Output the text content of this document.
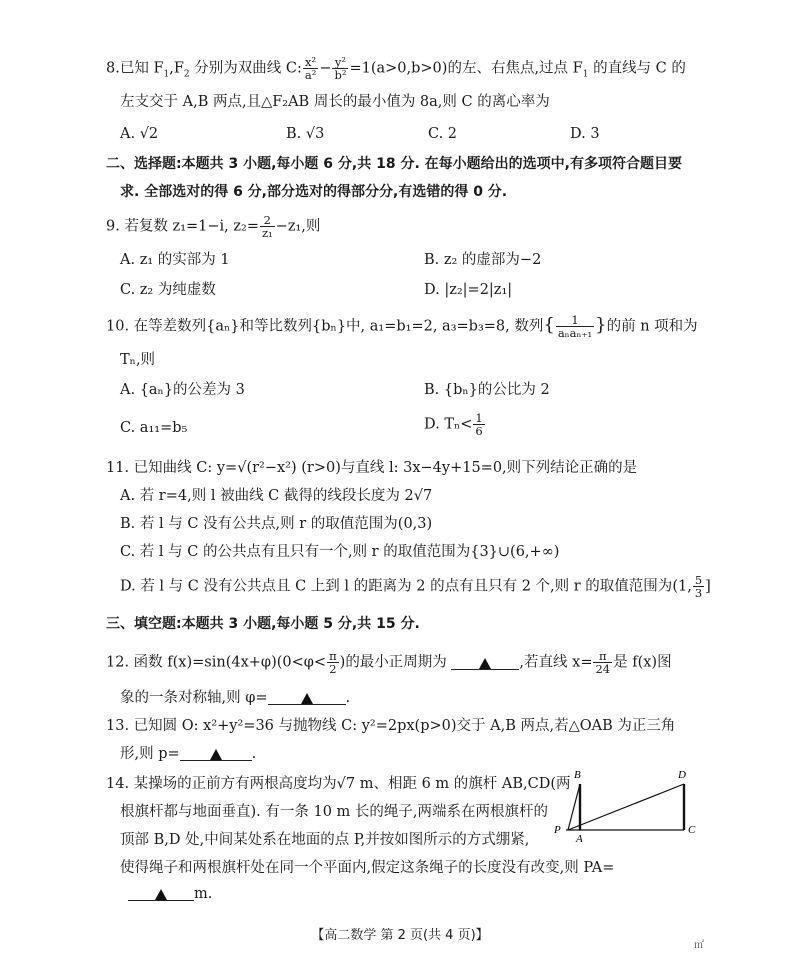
8.已知 $F_1,F_2$ 分别为双曲线 C: $\frac{\text{x²}}{\text{a²}} - \frac{\text{y²}}{\text{b²}} =1(a>0,b>0)$的左、右焦点,过点 $F_1$ 的直线与 C 的
左支交于 A,B 两点,且△F₂AB 周长的最小值为 8a,则 C 的离心率为
A. √2	B. √3	C. 2	D. 3
二、选择题:本题共 3 小题,每小题 6 分,共 18 分. 在每小题给出的选项中,有多项符合题目要
求. 全部选对的得 6 分,部分选对的得部分分,有选错的得 0 分.
9. 若复数 z₁=1−i, $z_2= \frac{2}{\text{z₁}} -z_1$,则
A. z₁ 的实部为 1	B. z₂ 的虚部为−2
C. z₂ 为纯虚数	D. |z₂|=2|z₁|
10. 在等差数列{aₙ}和等比数列{bₙ}中, a₁=b₁=2, a₃=b₃=8, 数列{ $\frac{1}{\text{aₙaₙ₊₁}}$ }的前 n 项和为
Tₙ,则
A. {aₙ}的公差为 3	B. {bₙ}的公比为 2
C. a₁₁=b₅	D. $T_n< \frac{1}{6}$
11. 已知曲线 C: y=√(r²−x²) (r>0)与直线 l: 3x−4y+15=0,则下列结论正确的是
A. 若 r=4,则 l 被曲线 C 截得的线段长度为 2√7
B. 若 l 与 C 没有公共点,则 r 的取值范围为(0,3)
C. 若 l 与 C 的公共点有且只有一个,则 r 的取值范围为{3}∪(6,+∞)
D. 若 l 与 C 没有公共点且 C 上到 l 的距离为 2 的点有且只有 2 个,则 r 的取值范围为(1, $\frac{5}{3}$ ]
三、填空题:本题共 3 小题,每小题 5 分,共 15 分.
12. 函数 $f(x)=\sin(4x+\varphi)(0<\varphi< \frac{\pi}{2}$ )的最小正周期为	,若直线 $x= \frac{\pi}{24}$ 是 f(x)图
象的一条对称轴,则 φ=	.
13. 已知圆 O: x²+y²=36 与抛物线 C: y²=2px(p>0)交于 A,B 两点,若△OAB 为正三角
形,则 p=	.
14. 某操场的正前方有两根高度均为√7 m、相距 6 m 的旗杆 AB,CD(两
根旗杆都与地面垂直). 有一条 10 m 长的绳子,两端系在两根旗杆的
顶部 B,D 处,中间某处系在地面的点 P,并按如图所示的方式绷紧,
使得绳子和两根旗杆处在同一个平面内,假定这条绳子的长度没有改变,则 PA=
m.
B	D
P
A
C
【高二数学 第 2 页(共 4 页)】
㎡
